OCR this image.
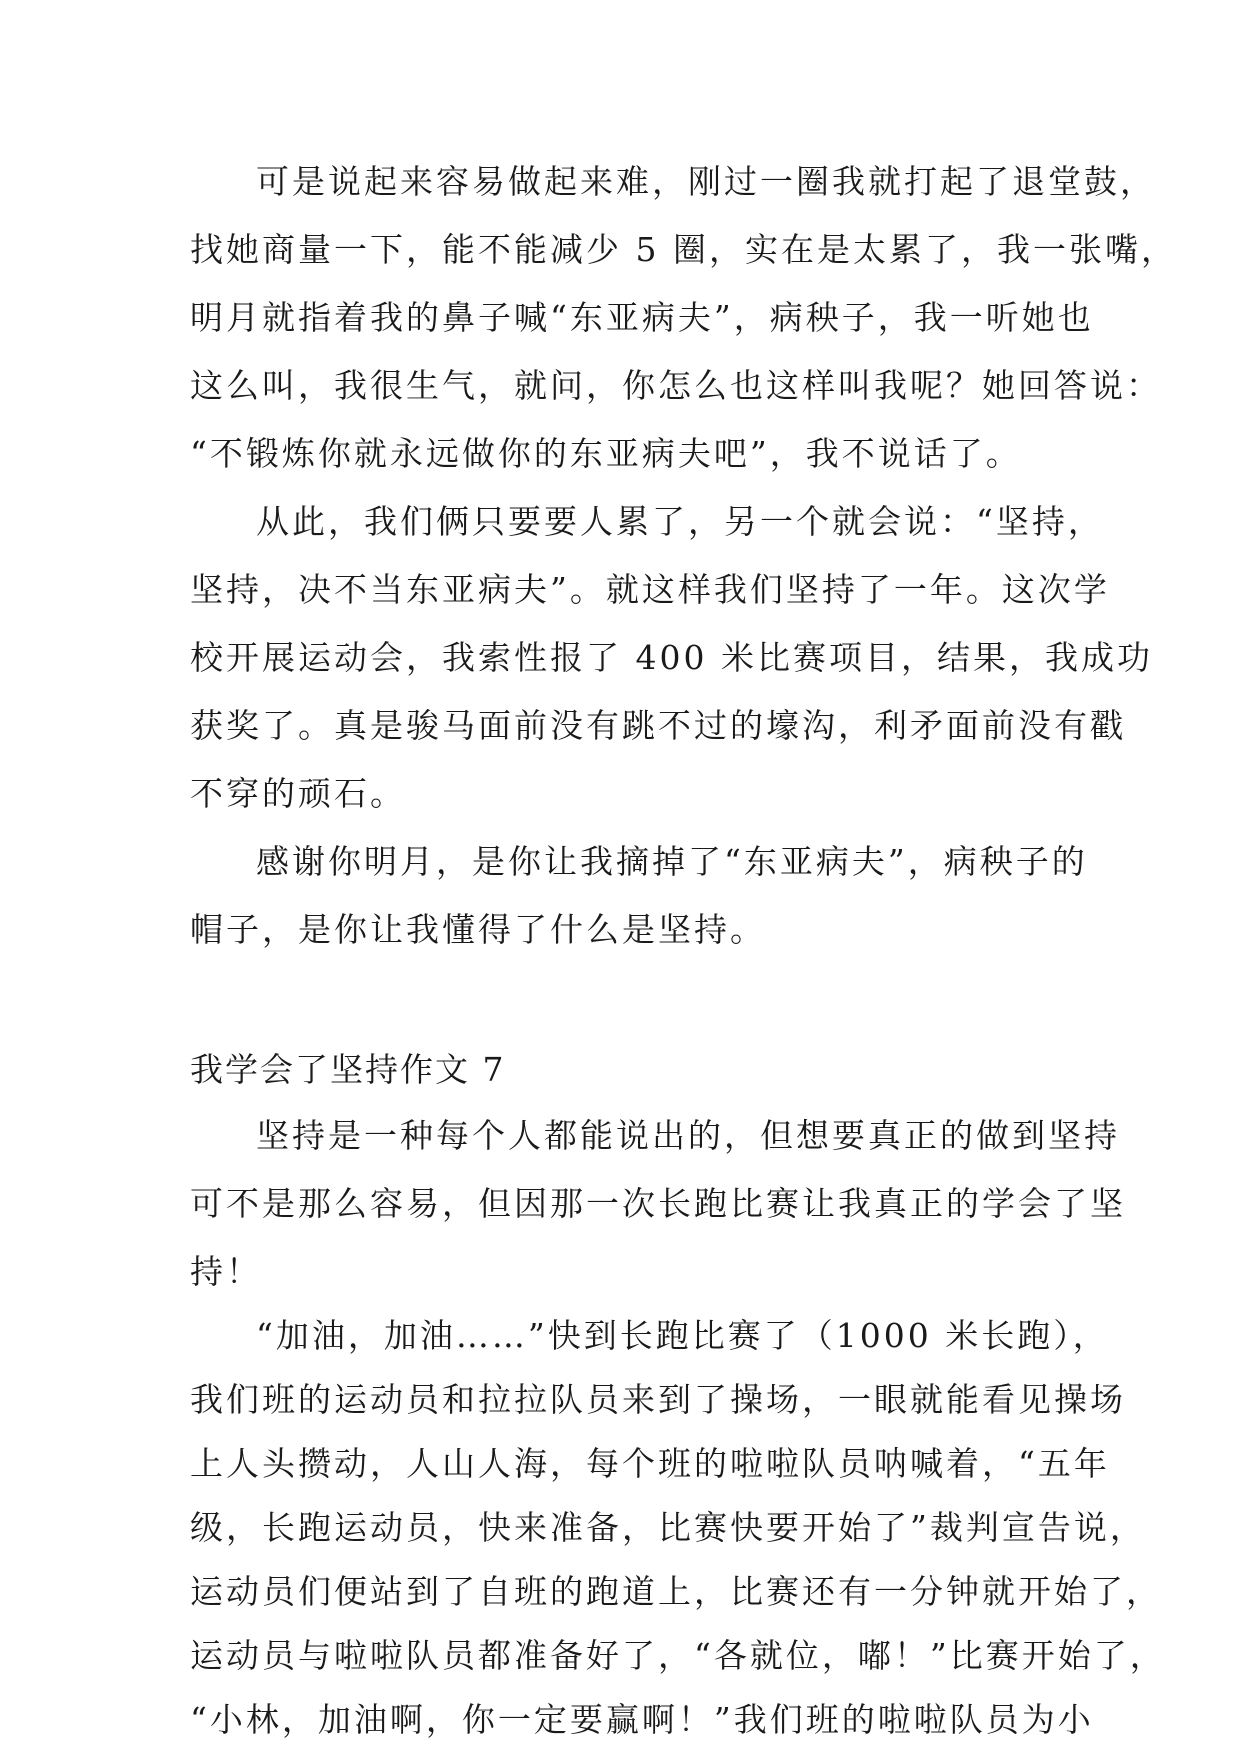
可是说起来容易做起来难，刚过一圈我就打起了退堂鼓，

找她商量一下，能不能减少 5 圈，实在是太累了，我一张嘴，

明月就指着我的鼻子喊“东亚病夫”，病秧子，我一听她也

这么叫，我很生气，就问，你怎么也这样叫我呢？她回答说：

“不锻炼你就永远做你的东亚病夫吧”，我不说话了。

从此，我们俩只要要人累了，另一个就会说：“坚持，

坚持，决不当东亚病夫”。就这样我们坚持了一年。这次学

校开展运动会，我索性报了 400 米比赛项目，结果，我成功

获奖了。真是骏马面前没有跳不过的壕沟，利矛面前没有戳

不穿的顽石。

感谢你明月，是你让我摘掉了“东亚病夫”，病秧子的

帽子，是你让我懂得了什么是坚持。

我学会了坚持作文 7

坚持是一种每个人都能说出的，但想要真正的做到坚持

可不是那么容易，但因那一次长跑比赛让我真正的学会了坚

持！

“加油，加油……”快到长跑比赛了（1000 米长跑），

我们班的运动员和拉拉队员来到了操场，一眼就能看见操场

上人头攒动，人山人海，每个班的啦啦队员呐喊着，“五年

级，长跑运动员，快来准备，比赛快要开始了”裁判宣告说，

运动员们便站到了自班的跑道上，比赛还有一分钟就开始了，

运动员与啦啦队员都准备好了，“各就位，嘟！”比赛开始了，

“小林，加油啊，你一定要赢啊！”我们班的啦啦队员为小
